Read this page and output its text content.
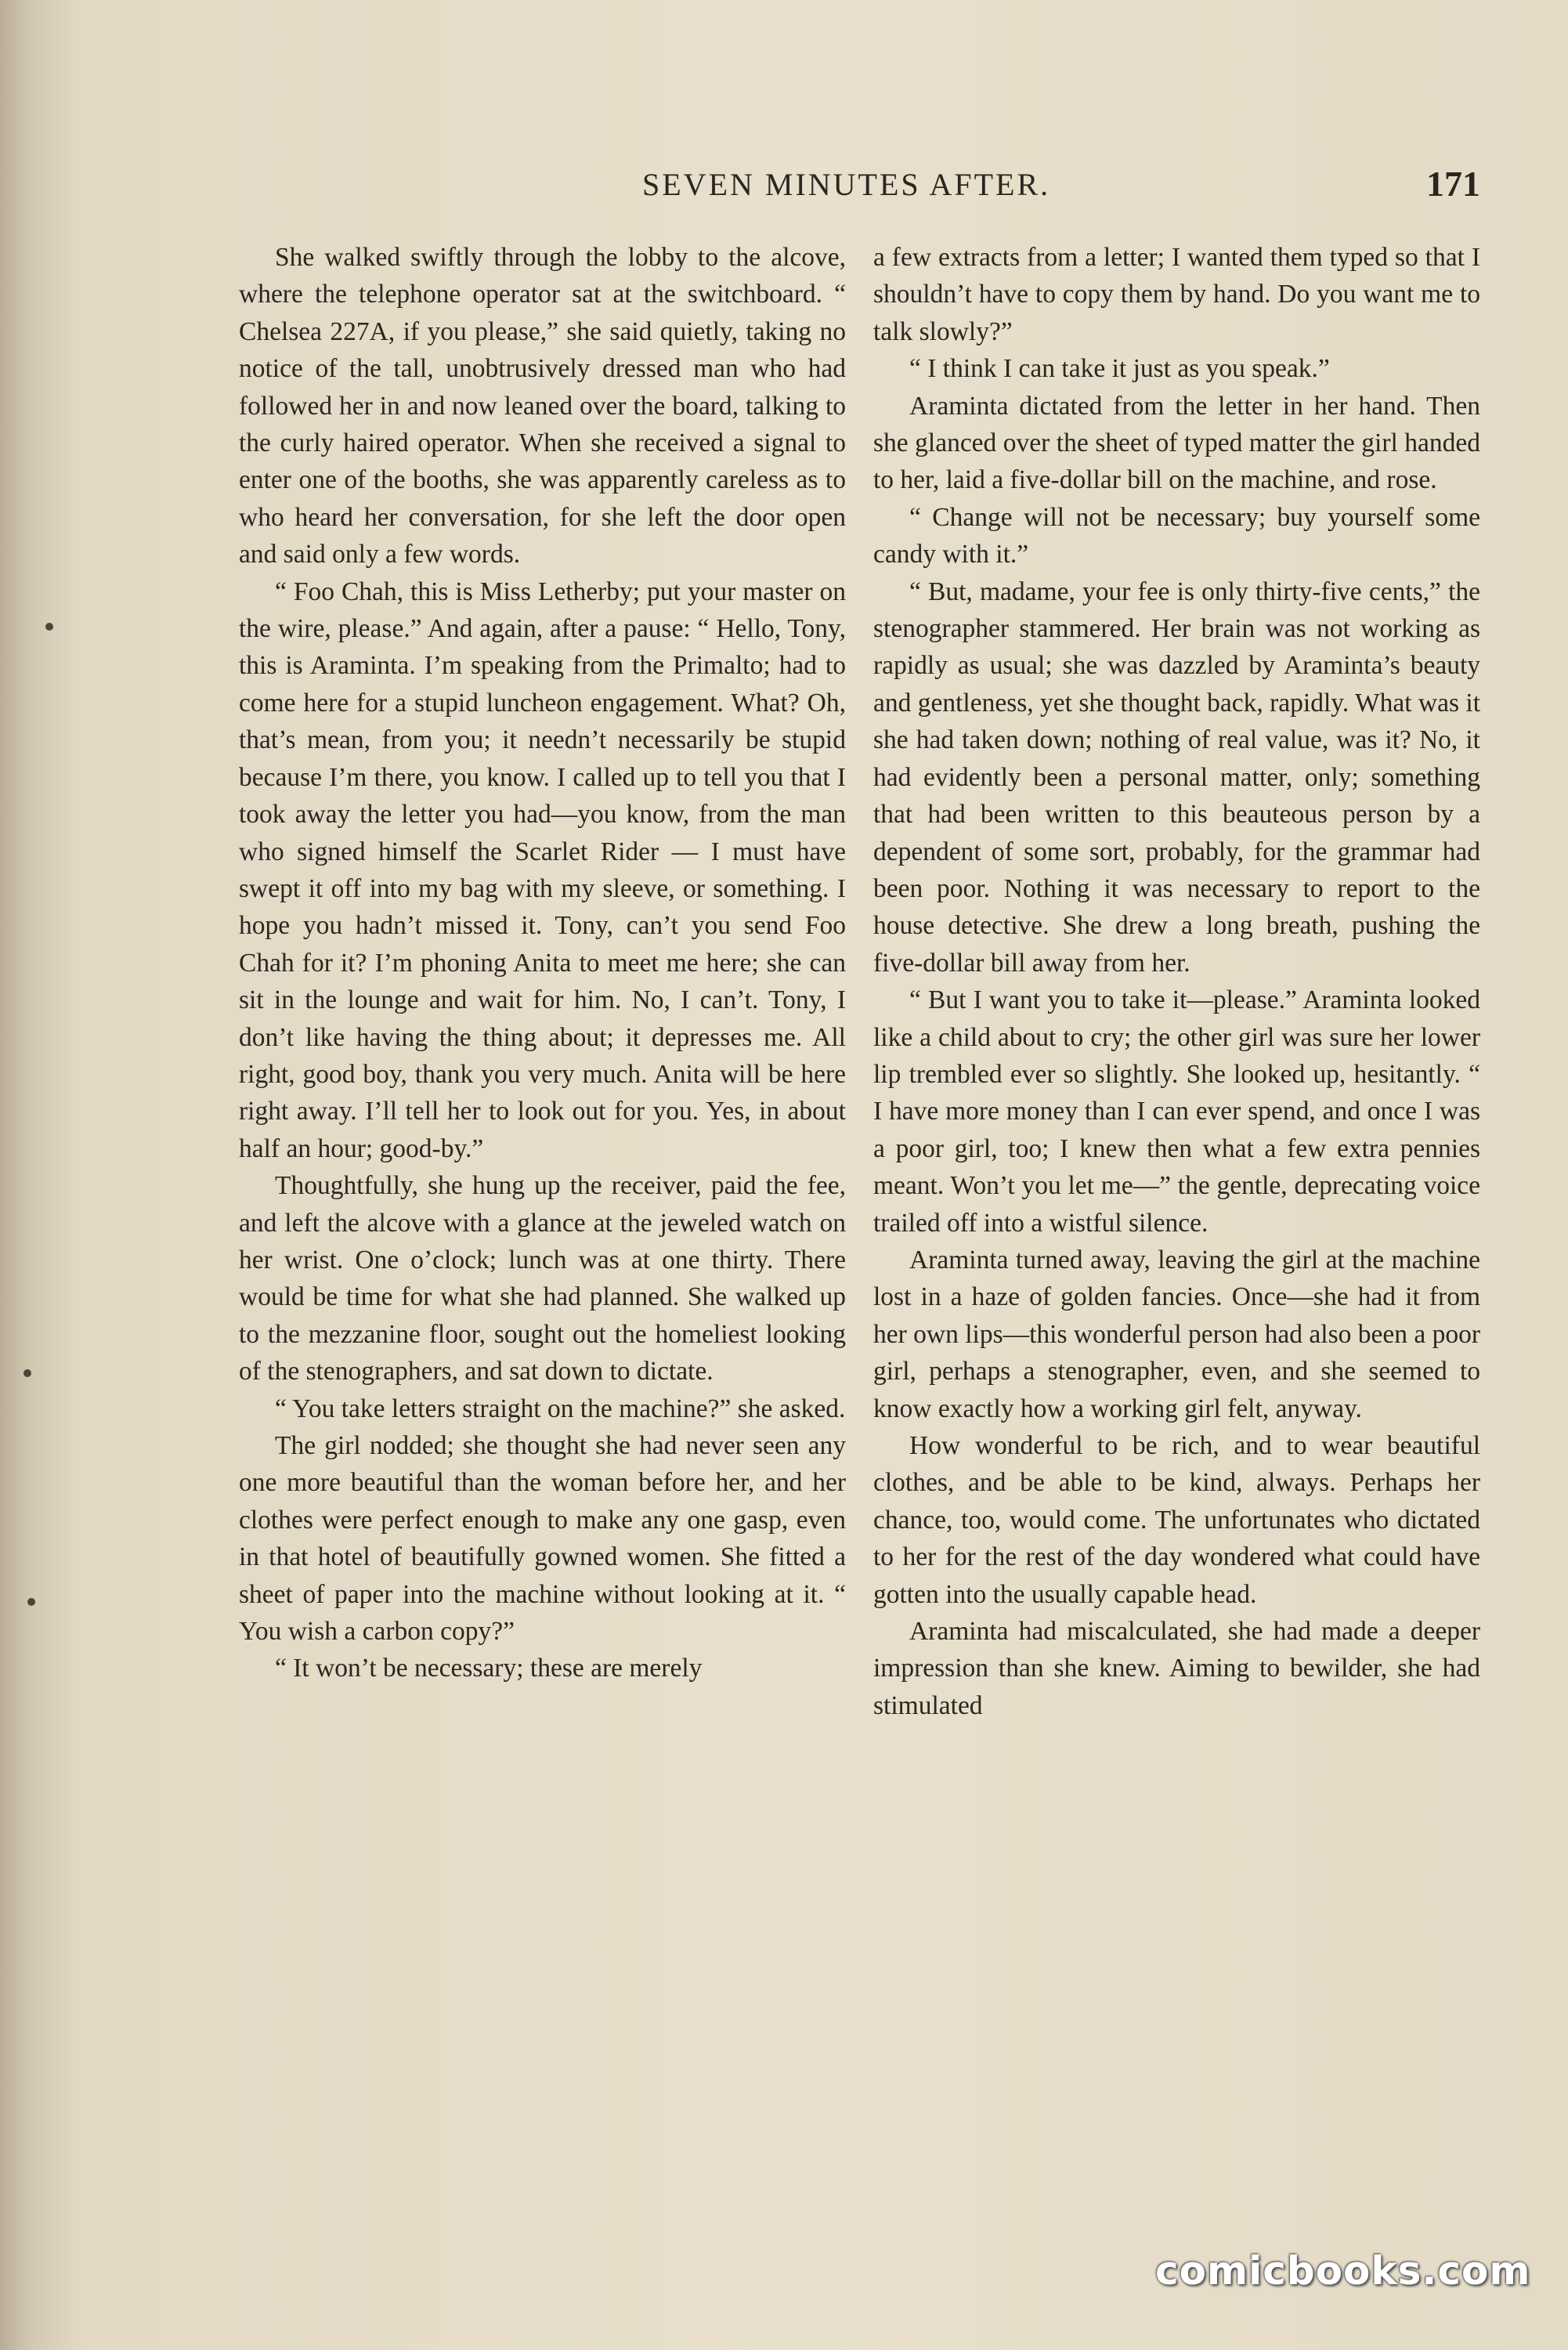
SEVEN MINUTES AFTER.	171

She walked swiftly through the lobby to the alcove, where the telephone operator sat at the switchboard. “ Chelsea 227A, if you please,” she said quietly, taking no notice of the tall, unobtrusively dressed man who had followed her in and now leaned over the board, talking to the curly haired operator. When she received a signal to enter one of the booths, she was apparently careless as to who heard her conversation, for she left the door open and said only a few words.

“ Foo Chah, this is Miss Letherby; put your master on the wire, please.” And again, after a pause: “ Hello, Tony, this is Araminta. I’m speaking from the Primalto; had to come here for a stupid luncheon engagement. What? Oh, that’s mean, from you; it needn’t necessarily be stupid because I’m there, you know. I called up to tell you that I took away the letter you had—you know, from the man who signed himself the Scarlet Rider — I must have swept it off into my bag with my sleeve, or something. I hope you hadn’t missed it. Tony, can’t you send Foo Chah for it? I’m phoning Anita to meet me here; she can sit in the lounge and wait for him. No, I can’t. Tony, I don’t like having the thing about; it depresses me. All right, good boy, thank you very much. Anita will be here right away. I’ll tell her to look out for you. Yes, in about half an hour; good-by.”

Thoughtfully, she hung up the receiver, paid the fee, and left the alcove with a glance at the jeweled watch on her wrist. One o’clock; lunch was at one thirty. There would be time for what she had planned. She walked up to the mezzanine floor, sought out the homeliest looking of the stenographers, and sat down to dictate.

“ You take letters straight on the machine?” she asked.

The girl nodded; she thought she had never seen any one more beautiful than the woman before her, and her clothes were perfect enough to make any one gasp, even in that hotel of beautifully gowned women. She fitted a sheet of paper into the machine without looking at it. “ You wish a carbon copy?”

“ It won’t be necessary; these are merely

a few extracts from a letter; I wanted them typed so that I shouldn’t have to copy them by hand. Do you want me to talk slowly?”

“ I think I can take it just as you speak.”

Araminta dictated from the letter in her hand. Then she glanced over the sheet of typed matter the girl handed to her, laid a five-dollar bill on the machine, and rose.

“ Change will not be necessary; buy yourself some candy with it.”

“ But, madame, your fee is only thirty-five cents,” the stenographer stammered. Her brain was not working as rapidly as usual; she was dazzled by Araminta’s beauty and gentleness, yet she thought back, rapidly. What was it she had taken down; nothing of real value, was it? No, it had evidently been a personal matter, only; something that had been written to this beauteous person by a dependent of some sort, probably, for the grammar had been poor. Nothing it was necessary to report to the house detective. She drew a long breath, pushing the five-dollar bill away from her.

“ But I want you to take it—please.” Araminta looked like a child about to cry; the other girl was sure her lower lip trembled ever so slightly. She looked up, hesitantly. “ I have more money than I can ever spend, and once I was a poor girl, too; I knew then what a few extra pennies meant. Won’t you let me—” the gentle, deprecating voice trailed off into a wistful silence.

Araminta turned away, leaving the girl at the machine lost in a haze of golden fancies. Once—she had it from her own lips—this wonderful person had also been a poor girl, perhaps a stenographer, even, and she seemed to know exactly how a working girl felt, anyway.

How wonderful to be rich, and to wear beautiful clothes, and be able to be kind, always. Perhaps her chance, too, would come. The unfortunates who dictated to her for the rest of the day wondered what could have gotten into the usually capable head.

Araminta had miscalculated, she had made a deeper impression than she knew. Aiming to bewilder, she had stimulated

comicbooks.com
